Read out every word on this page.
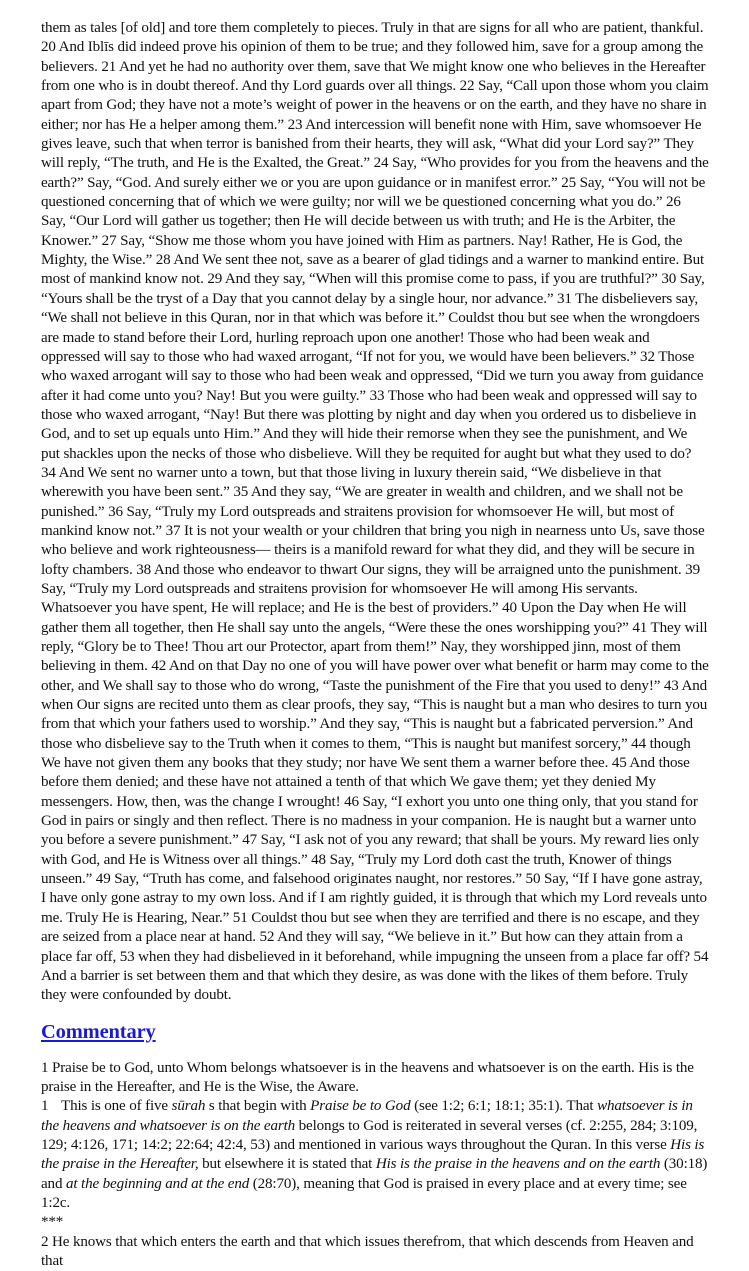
them as tales [of old] and tore them completely to pieces. Truly in that are signs for all who are patient, thankful. 20 And Iblīs did indeed prove his opinion of them to be true; and they followed him, save for a group among the believers. 21 And yet he had no authority over them, save that We might know one who believes in the Hereafter from one who is in doubt thereof. And thy Lord guards over all things. 22 Say, “Call upon those whom you claim apart from God; they have not a mote’s weight of power in the heavens or on the earth, and they have no share in either; nor has He a helper among them.” 23 And intercession will benefit none with Him, save whomsoever He gives leave, such that when terror is banished from their hearts, they will ask, “What did your Lord say?” They will reply, “The truth, and He is the Exalted, the Great.” 24 Say, “Who provides for you from the heavens and the earth?” Say, “God. And surely either we or you are upon guidance or in manifest error.” 25 Say, “You will not be questioned concerning that of which we were guilty; nor will we be questioned concerning what you do.” 26 Say, “Our Lord will gather us together; then He will decide between us with truth; and He is the Arbiter, the Knower.” 27 Say, “Show me those whom you have joined with Him as partners. Nay! Rather, He is God, the Mighty, the Wise.” 28 And We sent thee not, save as a bearer of glad tidings and a warner to mankind entire. But most of mankind know not. 29 And they say, “When will this promise come to pass, if you are truthful?” 30 Say, “Yours shall be the tryst of a Day that you cannot delay by a single hour, nor advance.” 31 The disbelievers say, “We shall not believe in this Quran, nor in that which was before it.” Couldst thou but see when the wrongdoers are made to stand before their Lord, hurling reproach upon one another! Those who had been weak and oppressed will say to those who had waxed arrogant, “If not for you, we would have been believers.” 32 Those who waxed arrogant will say to those who had been weak and oppressed, “Did we turn you away from guidance after it had come unto you? Nay! But you were guilty.” 33 Those who had been weak and oppressed will say to those who waxed arrogant, “Nay! But there was plotting by night and day when you ordered us to disbelieve in God, and to set up equals unto Him.” And they will hide their remorse when they see the punishment, and We put shackles upon the necks of those who disbelieve. Will they be requited for aught but what they used to do? 34 And We sent no warner unto a town, but that those living in luxury therein said, “We disbelieve in that wherewith you have been sent.” 35 And they say, “We are greater in wealth and children, and we shall not be punished.” 36 Say, “Truly my Lord outspreads and straitens provision for whomsoever He will, but most of mankind know not.” 37 It is not your wealth or your children that bring you nigh in nearness unto Us, save those who believe and work righteousness— theirs is a manifold reward for what they did, and they will be secure in lofty chambers. 38 And those who endeavor to thwart Our signs, they will be arraigned unto the punishment. 39 Say, “Truly my Lord outspreads and straitens provision for whomsoever He will among His servants. Whatsoever you have spent, He will replace; and He is the best of providers.” 40 Upon the Day when He will gather them all together, then He shall say unto the angels, “Were these the ones worshipping you?” 41 They will reply, “Glory be to Thee! Thou art our Protector, apart from them!” Nay, they worshipped jinn, most of them believing in them. 42 And on that Day no one of you will have power over what benefit or harm may come to the other, and We shall say to those who do wrong, “Taste the punishment of the Fire that you used to deny!” 43 And when Our signs are recited unto them as clear proofs, they say, “This is naught but a man who desires to turn you from that which your fathers used to worship.” And they say, “This is naught but a fabricated perversion.” And those who disbelieve say to the Truth when it comes to them, “This is naught but manifest sorcery,” 44 though We have not given them any books that they study; nor have We sent them a warner before thee. 45 And those before them denied; and these have not attained a tenth of that which We gave them; yet they denied My messengers. How, then, was the change I wrought! 46 Say, “I exhort you unto one thing only, that you stand for God in pairs or singly and then reflect. There is no madness in your companion. He is naught but a warner unto you before a severe punishment.” 47 Say, “I ask not of you any reward; that shall be yours. My reward lies only with God, and He is Witness over all things.” 48 Say, “Truly my Lord doth cast the truth, Knower of things unseen.” 49 Say, “Truth has come, and falsehood originates naught, nor restores.” 50 Say, “If I have gone astray, I have only gone astray to my own loss. And if I am rightly guided, it is through that which my Lord reveals unto me. Truly He is Hearing, Near.” 51 Couldst thou but see when they are terrified and there is no escape, and they are seized from a place near at hand. 52 And they will say, “We believe in it.” But how can they attain from a place far off, 53 when they had disbelieved in it beforehand, while impugning the unseen from a place far off? 54 And a barrier is set between them and that which they desire, as was done with the likes of them before. Truly they were confounded by doubt.

Commentary

1 Praise be to God, unto Whom belongs whatsoever is in the heavens and whatsoever is on the earth. His is the praise in the Hereafter, and He is the Wise, the Aware.

1 This is one of five sūrah s that begin with Praise be to God (see 1:2; 6:1; 18:1; 35:1). That whatsoever is in the heavens and whatsoever is on the earth belongs to God is reiterated in several verses (cf. 2:255, 284; 3:109, 129; 4:126, 171; 14:2; 22:64; 42:4, 53) and mentioned in various ways throughout the Quran. In this verse His is the praise in the Hereafter, but elsewhere it is stated that His is the praise in the heavens and on the earth (30:18) and at the beginning and at the end (28:70), meaning that God is praised in every place and at every time; see 1:2c.

***

2 He knows that which enters the earth and that which issues therefrom, that which descends from Heaven and that
